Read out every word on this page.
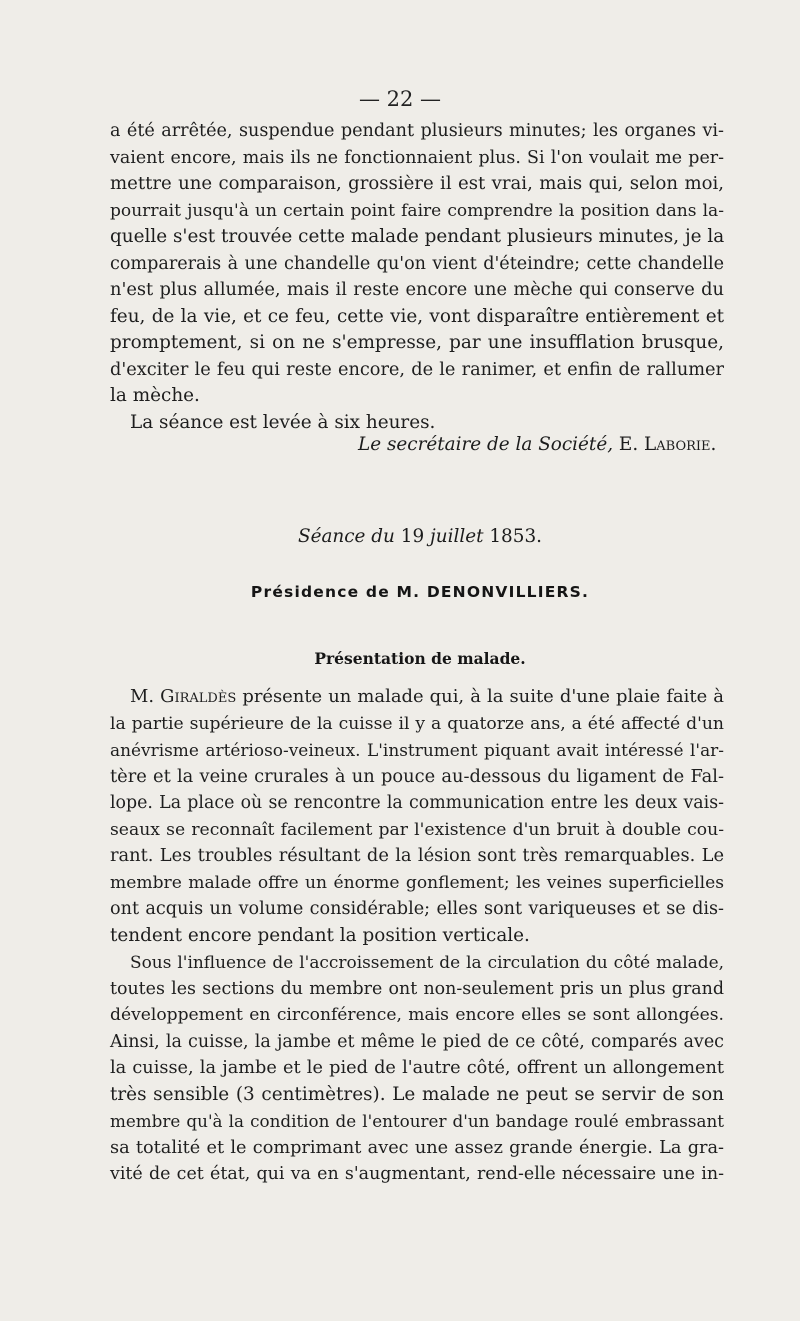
— 22 —
a été arrêtée, suspendue pendant plusieurs minutes; les organes vi-
vaient encore, mais ils ne fonctionnaient plus. Si l'on voulait me per-
mettre une comparaison, grossière il est vrai, mais qui, selon moi,
pourrait jusqu'à un certain point faire comprendre la position dans la-
quelle s'est trouvée cette malade pendant plusieurs minutes, je la
comparerais à une chandelle qu'on vient d'éteindre; cette chandelle
n'est plus allumée, mais il reste encore une mèche qui conserve du
feu, de la vie, et ce feu, cette vie, vont disparaître entièrement et
promptement, si on ne s'empresse, par une insufflation brusque,
d'exciter le feu qui reste encore, de le ranimer, et enfin de rallumer
la mèche.
La séance est levée à six heures.
Le secrétaire de la Société, E. Laborie.
Séance du 19 juillet 1853.
Présidence de M. DENONVILLIERS.
Présentation de malade.
M. Giraldès présente un malade qui, à la suite d'une plaie faite à
la partie supérieure de la cuisse il y a quatorze ans, a été affecté d'un
anévrisme artérioso-veineux. L'instrument piquant avait intéressé l'ar-
tère et la veine crurales à un pouce au-dessous du ligament de Fal-
lope. La place où se rencontre la communication entre les deux vais-
seaux se reconnaît facilement par l'existence d'un bruit à double cou-
rant. Les troubles résultant de la lésion sont très remarquables. Le
membre malade offre un énorme gonflement; les veines superficielles
ont acquis un volume considérable; elles sont variqueuses et se dis-
tendent encore pendant la position verticale.
Sous l'influence de l'accroissement de la circulation du côté malade,
toutes les sections du membre ont non-seulement pris un plus grand
développement en circonférence, mais encore elles se sont allongées.
Ainsi, la cuisse, la jambe et même le pied de ce côté, comparés avec
la cuisse, la jambe et le pied de l'autre côté, offrent un allongement
très sensible (3 centimètres). Le malade ne peut se servir de son
membre qu'à la condition de l'entourer d'un bandage roulé embrassant
sa totalité et le comprimant avec une assez grande énergie. La gra-
vité de cet état, qui va en s'augmentant, rend-elle nécessaire une in-
